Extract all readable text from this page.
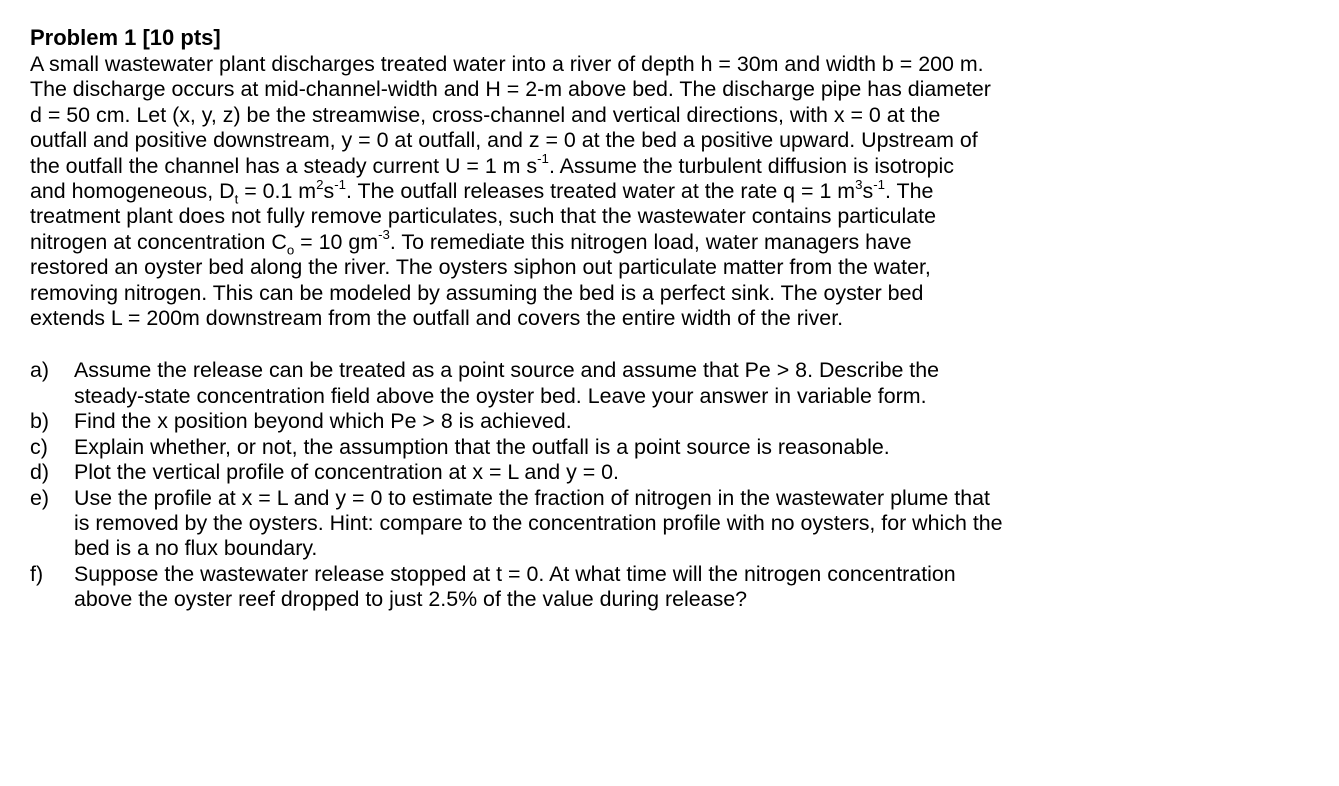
Problem 1 [10 pts]

A small wastewater plant discharges treated water into a river of depth h = 30m and width b = 200 m.
The discharge occurs at mid-channel-width and H = 2-m above bed. The discharge pipe has diameter
d = 50 cm. Let (x, y, z) be the streamwise, cross-channel and vertical directions, with x = 0 at the
outfall and positive downstream, y = 0 at outfall, and z = 0 at the bed a positive upward. Upstream of
the outfall the channel has a steady current U = 1 m $s^{-1}$. Assume the turbulent diffusion is isotropic
and homogeneous, $D_t = 0.1$ $m^2s^{-1}$. The outfall releases treated water at the rate q = 1 $m^3s^{-1}$. The
treatment plant does not fully remove particulates, such that the wastewater contains particulate
nitrogen at concentration $C_o = 10$ $gm^{-3}$. To remediate this nitrogen load, water managers have
restored an oyster bed along the river. The oysters siphon out particulate matter from the water,
removing nitrogen. This can be modeled by assuming the bed is a perfect sink. The oyster bed
extends L = 200m downstream from the outfall and covers the entire width of the river.

a)	Assume the release can be treated as a point source and assume that Pe > 8. Describe the
steady-state concentration field above the oyster bed. Leave your answer in variable form.
b)	Find the x position beyond which Pe > 8 is achieved.
c)	Explain whether, or not, the assumption that the outfall is a point source is reasonable.
d)	Plot the vertical profile of concentration at x = L and y = 0.
e)	Use the profile at x = L and y = 0 to estimate the fraction of nitrogen in the wastewater plume that
is removed by the oysters. Hint: compare to the concentration profile with no oysters, for which the
bed is a no flux boundary.
f)	Suppose the wastewater release stopped at t = 0. At what time will the nitrogen concentration
above the oyster reef dropped to just 2.5% of the value during release?
